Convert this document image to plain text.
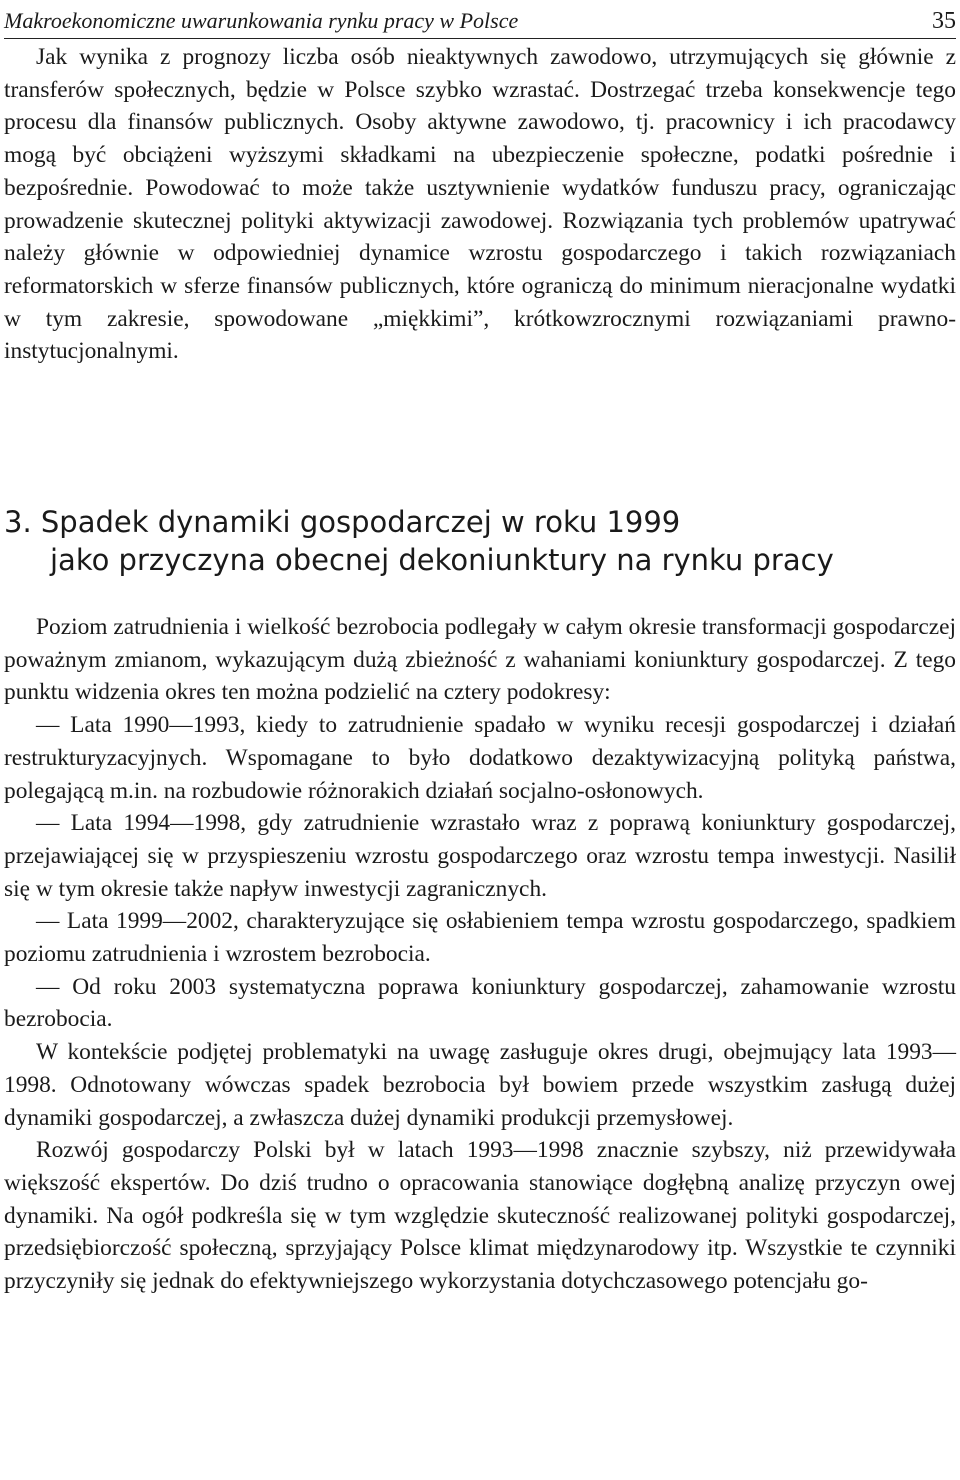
Makroekonomiczne uwarunkowania rynku pracy w Polsce	35

Jak wynika z prognozy liczba osób nieaktywnych zawodowo, utrzymujących się głównie z transferów społecznych, będzie w Polsce szybko wzrastać. Dostrzegać trzeba konsekwencje tego procesu dla finansów publicznych. Osoby aktywne zawodowo, tj. pracownicy i ich pracodawcy mogą być obciążeni wyższymi składkami na ubezpieczenie społeczne, podatki pośrednie i bezpośrednie. Powodować to może także usztywnienie wydatków funduszu pracy, ograniczając prowadzenie skutecznej polityki aktywizacji zawodowej. Rozwiązania tych problemów upatrywać należy głównie w odpowiedniej dynamice wzrostu gospodarczego i takich rozwiązaniach reformatorskich w sferze finansów publicznych, które ograniczą do minimum nieracjonalne wydatki w tym zakresie, spowodowane „miękkimi”, krótkowzrocznymi rozwiązaniami prawno-instytucjonalnymi.

3. Spadek dynamiki gospodarczej w roku 1999
jako przyczyna obecnej dekoniunktury na rynku pracy

Poziom zatrudnienia i wielkość bezrobocia podlegały w całym okresie transformacji gospodarczej poważnym zmianom, wykazującym dużą zbieżność z wahaniami koniunktury gospodarczej. Z tego punktu widzenia okres ten można podzielić na cztery podokresy:

— Lata 1990—1993, kiedy to zatrudnienie spadało w wyniku recesji gospodarczej i działań restrukturyzacyjnych. Wspomagane to było dodatkowo dezaktywizacyjną polityką państwa, polegającą m.in. na rozbudowie różnorakich działań socjalno-osłonowych.

— Lata 1994—1998, gdy zatrudnienie wzrastało wraz z poprawą koniunktury gospodarczej, przejawiającej się w przyspieszeniu wzrostu gospodarczego oraz wzrostu tempa inwestycji. Nasilił się w tym okresie także napływ inwestycji zagranicznych.

— Lata 1999—2002, charakteryzujące się osłabieniem tempa wzrostu gospodarczego, spadkiem poziomu zatrudnienia i wzrostem bezrobocia.

— Od roku 2003 systematyczna poprawa koniunktury gospodarczej, zahamowanie wzrostu bezrobocia.

W kontekście podjętej problematyki na uwagę zasługuje okres drugi, obejmujący lata 1993—1998. Odnotowany wówczas spadek bezrobocia był bowiem przede wszystkim zasługą dużej dynamiki gospodarczej, a zwłaszcza dużej dynamiki produkcji przemysłowej.

Rozwój gospodarczy Polski był w latach 1993—1998 znacznie szybszy, niż przewidywała większość ekspertów. Do dziś trudno o opracowania stanowiące dogłębną analizę przyczyn owej dynamiki. Na ogół podkreśla się w tym względzie skuteczność realizowanej polityki gospodarczej, przedsiębiorczość społeczną, sprzyjający Polsce klimat międzynarodowy itp. Wszystkie te czynniki przyczyniły się jednak do efektywniejszego wykorzystania dotychczasowego potencjału go-
